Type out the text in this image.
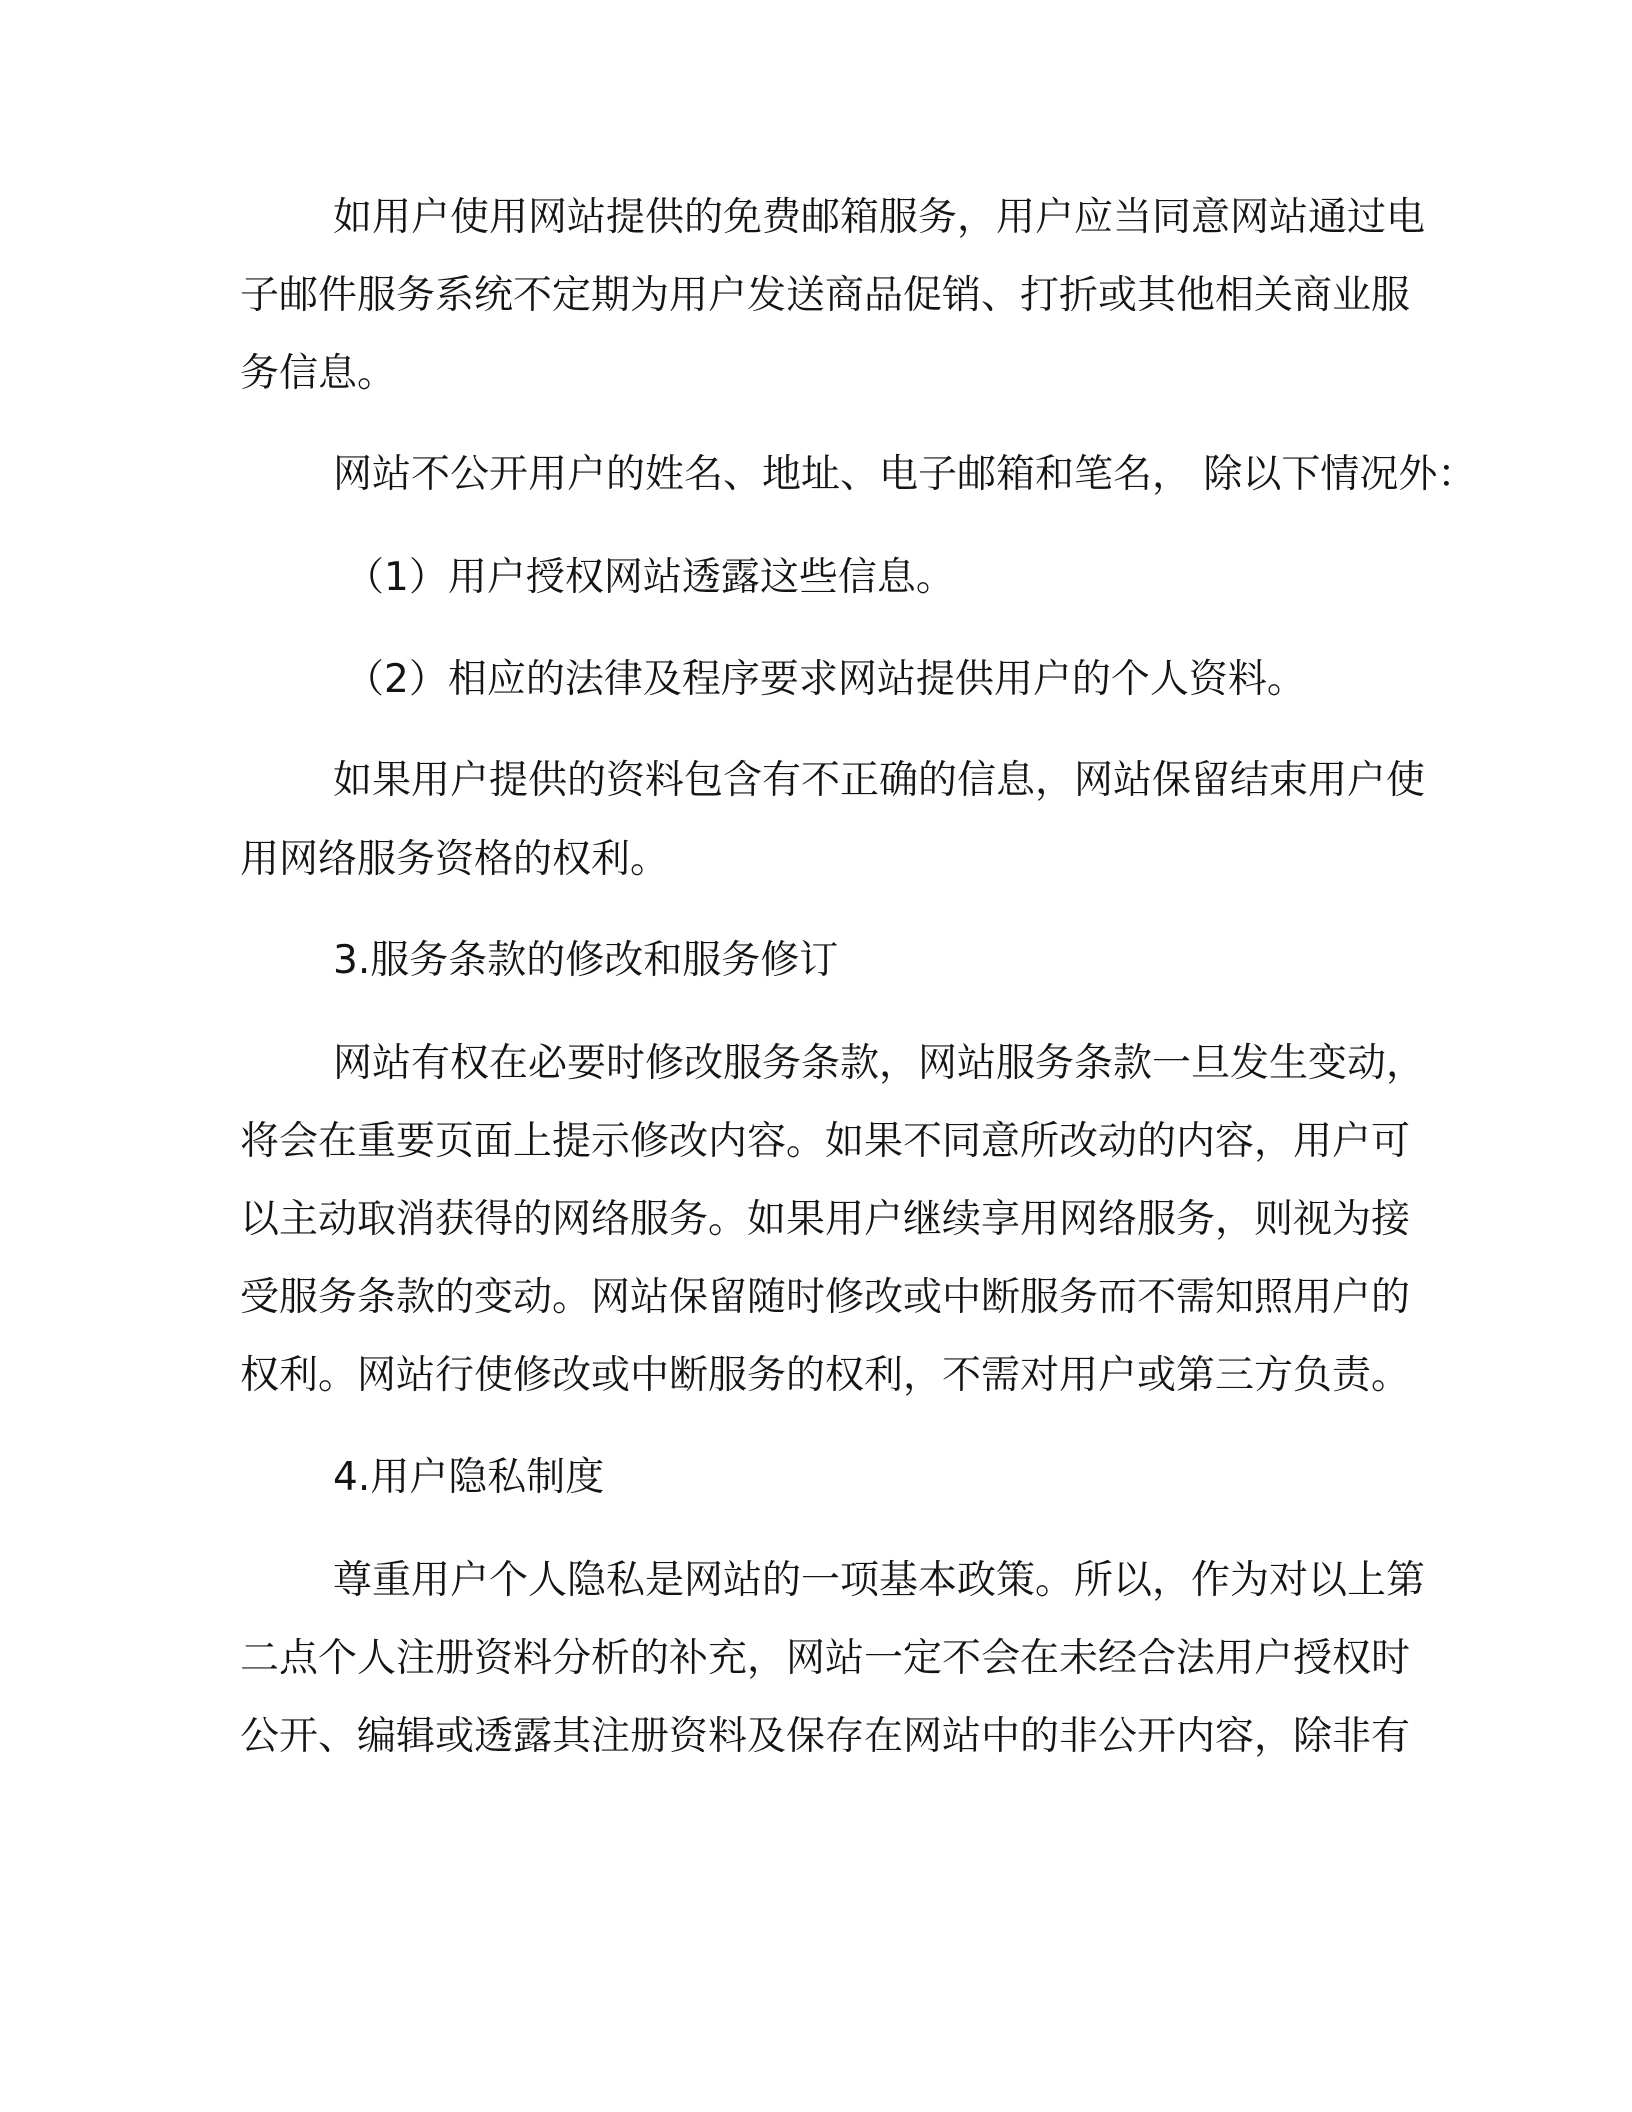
如用户使用网站提供的免费邮箱服务，用户应当同意网站通过电

子邮件服务系统不定期为用户发送商品促销、打折或其他相关商业服

务信息。

网站不公开用户的姓名、地址、电子邮箱和笔名， 除以下情况外：

（1）用户授权网站透露这些信息。

（2）相应的法律及程序要求网站提供用户的个人资料。

如果用户提供的资料包含有不正确的信息，网站保留结束用户使

用网络服务资格的权利。

3.服务条款的修改和服务修订

网站有权在必要时修改服务条款，网站服务条款一旦发生变动，

将会在重要页面上提示修改内容。如果不同意所改动的内容，用户可

以主动取消获得的网络服务。如果用户继续享用网络服务，则视为接

受服务条款的变动。网站保留随时修改或中断服务而不需知照用户的

权利。网站行使修改或中断服务的权利，不需对用户或第三方负责。

4.用户隐私制度

尊重用户个人隐私是网站的一项基本政策。所以，作为对以上第

二点个人注册资料分析的补充，网站一定不会在未经合法用户授权时

公开、编辑或透露其注册资料及保存在网站中的非公开内容，除非有
